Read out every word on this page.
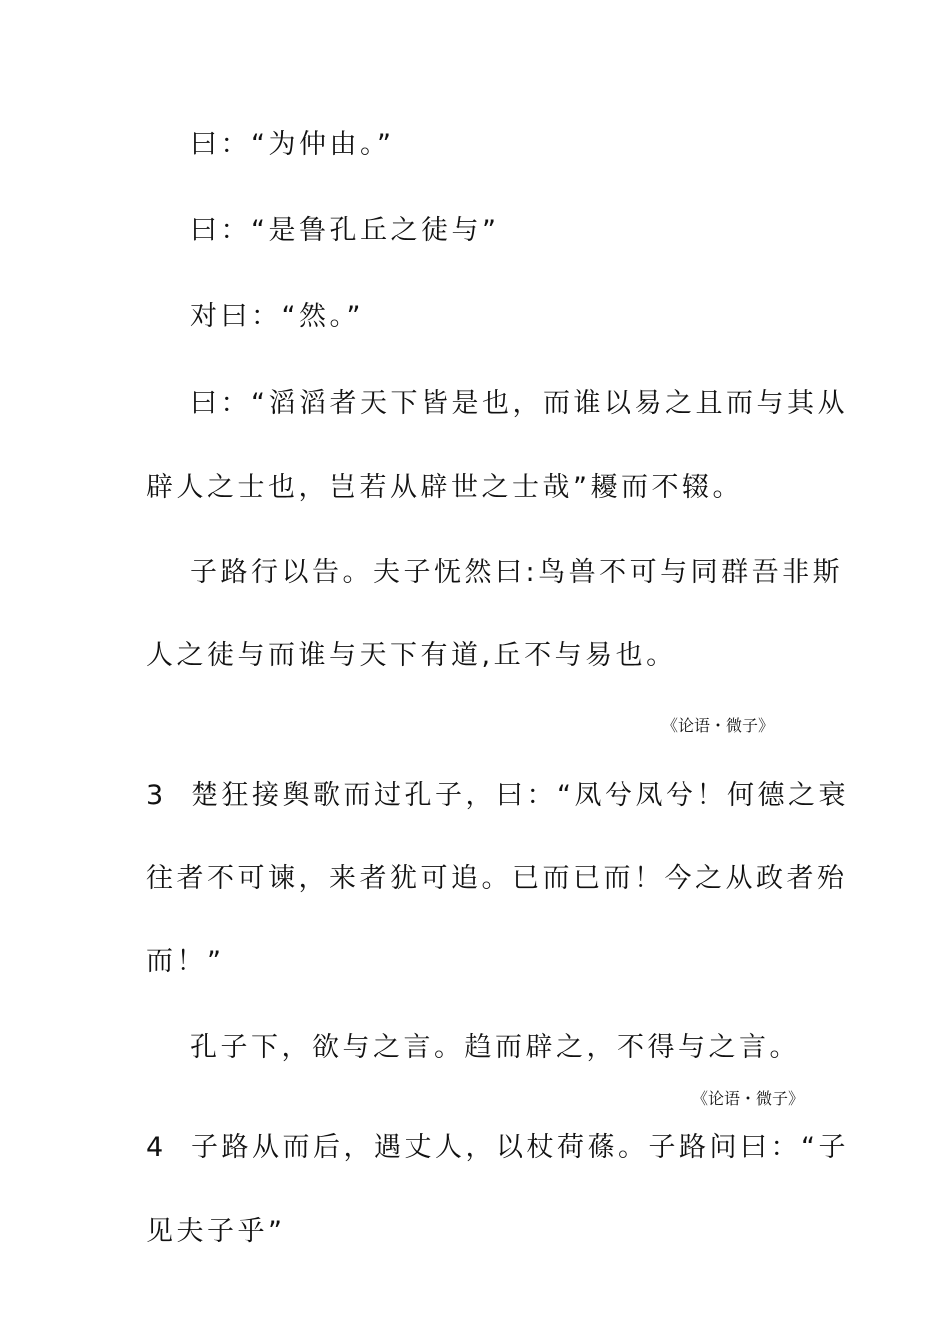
曰：“为仲由。”
曰：“是鲁孔丘之徒与”
对曰：“然。”
曰：“滔滔者天下皆是也，而谁以易之且而与其从
辟人之士也，岂若从辟世之士哉”耰而不辍。
子路行以告。夫子怃然曰:鸟兽不可与同群吾非斯
人之徒与而谁与天下有道,丘不与易也。
《论语・微子》
3 楚狂接舆歌而过孔子，曰：“凤兮凤兮！何德之衰
往者不可谏，来者犹可追。已而已而！今之从政者殆
而！”
孔子下，欲与之言。趋而辟之，不得与之言。
《论语・微子》
4 子路从而后，遇丈人，以杖荷蓧。子路问曰：“子
见夫子乎”
